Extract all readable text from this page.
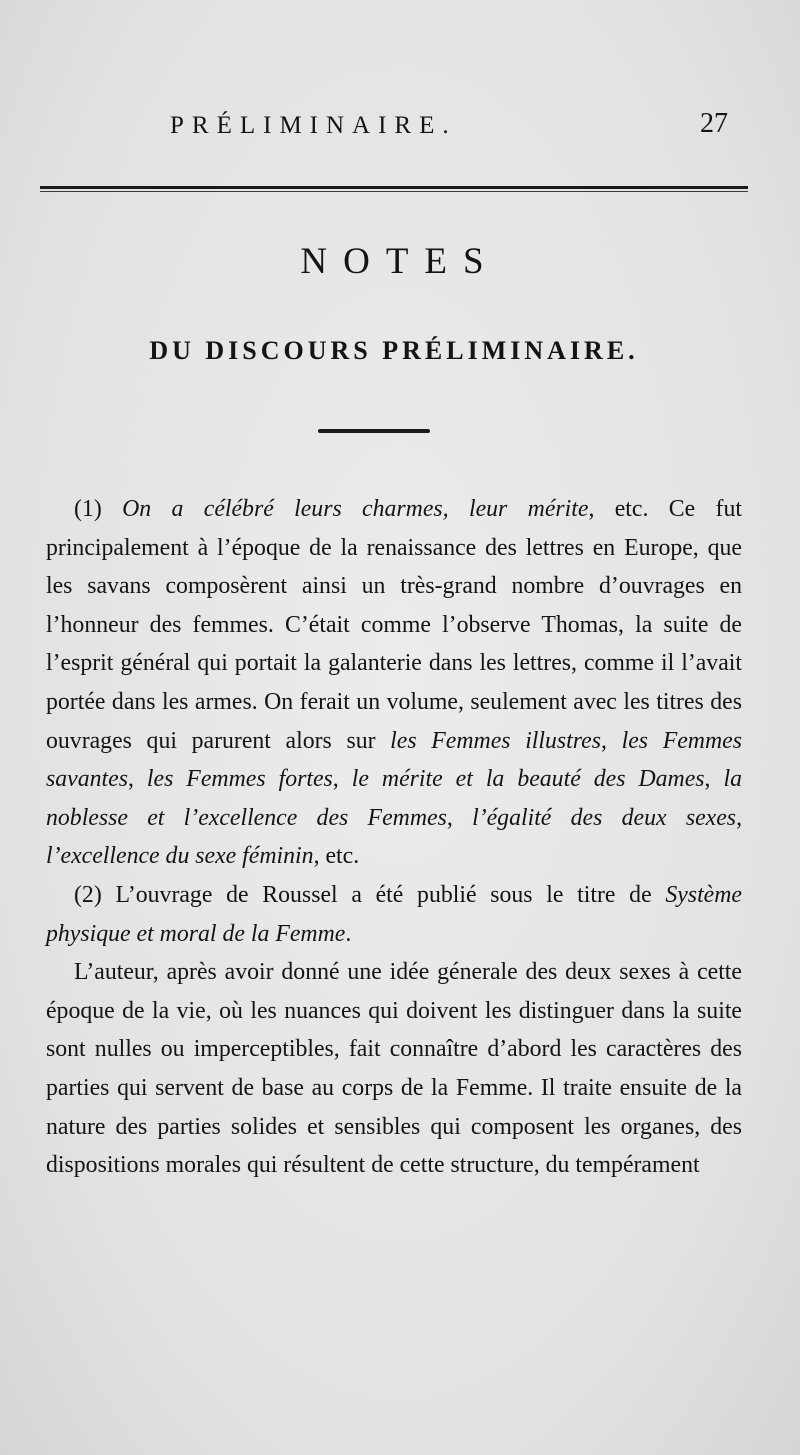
PRÉLIMINAIRE.	27
NOTES
DU DISCOURS PRÉLIMINAIRE.

(1) On a célébré leurs charmes, leur mérite, etc. Ce fut principalement à l’époque de la renaissance des lettres en Europe, que les savans composèrent ainsi un très-grand nombre d’ouvrages en l’honneur des femmes. C’était comme l’observe Thomas, la suite de l’esprit général qui portait la galanterie dans les lettres, comme il l’avait portée dans les armes. On ferait un volume, seulement avec les titres des ouvrages qui parurent alors sur les Femmes illustres, les Femmes savantes, les Femmes fortes, le mérite et la beauté des Dames, la noblesse et l’excellence des Femmes, l’égalité des deux sexes, l’excellence du sexe féminin, etc.

(2) L’ouvrage de Roussel a été publié sous le titre de Système physique et moral de la Femme.

L’auteur, après avoir donné une idée génerale des deux sexes à cette époque de la vie, où les nuances qui doivent les distinguer dans la suite sont nulles ou imperceptibles, fait connaître d’abord les caractères des parties qui servent de base au corps de la Femme. Il traite ensuite de la nature des parties solides et sensibles qui composent les organes, des dispositions morales qui résultent de cette structure, du tempérament
